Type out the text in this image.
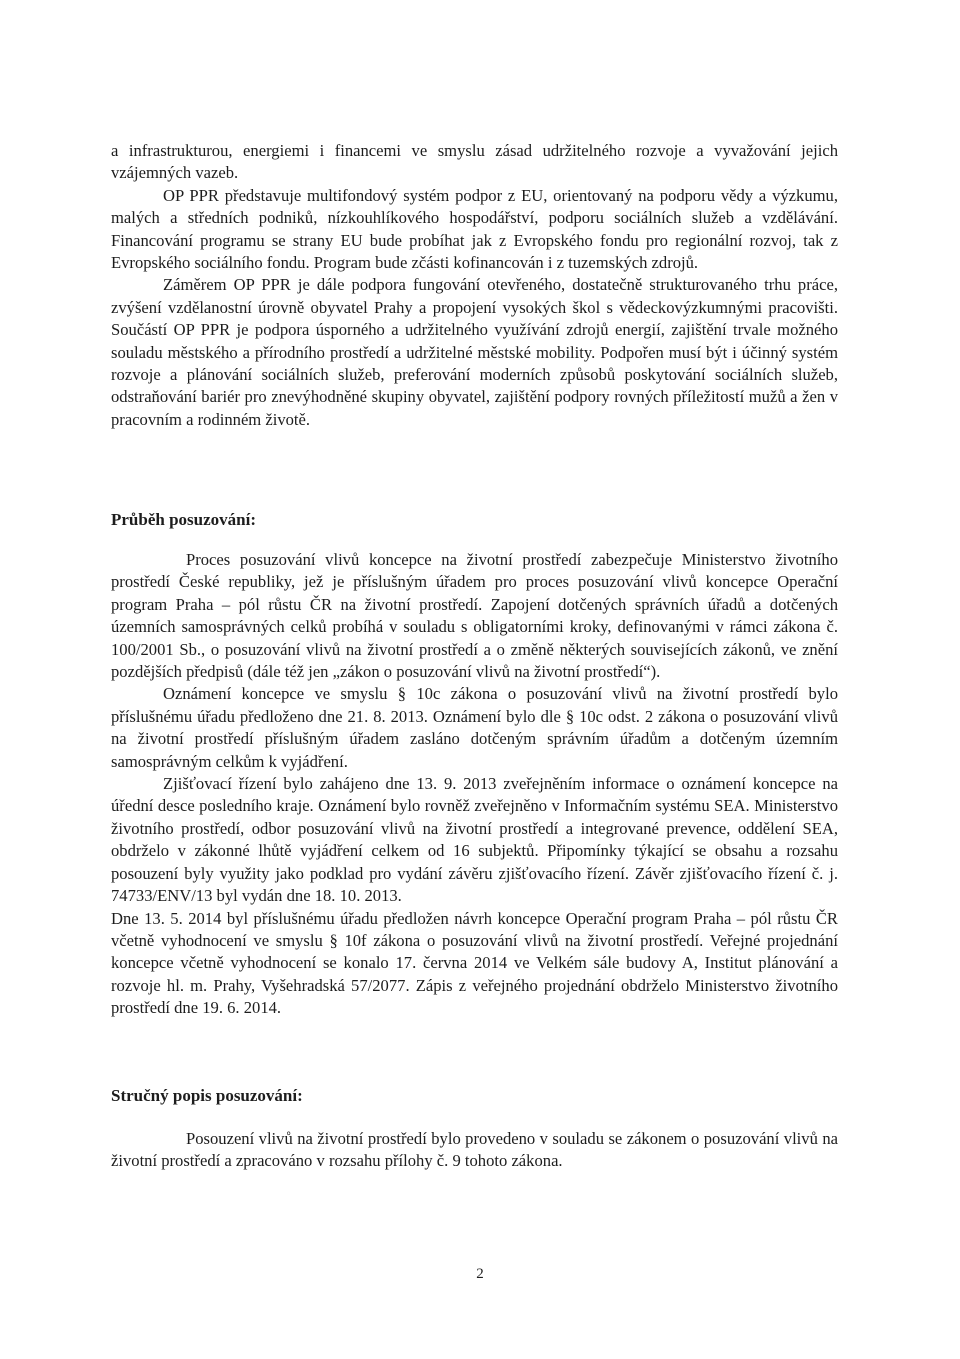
a infrastrukturou, energiemi i financemi ve smyslu zásad udržitelného rozvoje a vyvažování jejich vzájemných vazeb.

OP PPR představuje multifondový systém podpor z EU, orientovaný na podporu vědy a výzkumu, malých a středních podniků, nízkouhlíkového hospodářství, podporu sociálních služeb a vzdělávání. Financování programu se strany EU bude probíhat jak z Evropského fondu pro regionální rozvoj, tak z Evropského sociálního fondu. Program bude zčásti kofinancován i z tuzemských zdrojů.

Záměrem OP PPR je dále podpora fungování otevřeného, dostatečně strukturovaného trhu práce, zvýšení vzdělanostní úrovně obyvatel Prahy a propojení vysokých škol s vědeckovýzkumnými pracovišti. Součástí OP PPR je podpora úsporného a udržitelného využívání zdrojů energií, zajištění trvale možného souladu městského a přírodního prostředí a udržitelné městské mobility. Podpořen musí být i účinný systém rozvoje a plánování sociálních služeb, preferování moderních způsobů poskytování sociálních služeb, odstraňování bariér pro znevýhodněné skupiny obyvatel, zajištění podpory rovných příležitostí mužů a žen v pracovním a rodinném životě.

Průběh posuzování:

Proces posuzování vlivů koncepce na životní prostředí zabezpečuje Ministerstvo životního prostředí České republiky, jež je příslušným úřadem pro proces posuzování vlivů koncepce Operační program Praha – pól růstu ČR na životní prostředí. Zapojení dotčených správních úřadů a dotčených územních samosprávných celků probíhá v souladu s obligatorními kroky, definovanými v rámci zákona č. 100/2001 Sb., o posuzování vlivů na životní prostředí a o změně některých souvisejících zákonů, ve znění pozdějších předpisů (dále též jen „zákon o posuzování vlivů na životní prostředí“).

Oznámení koncepce ve smyslu § 10c zákona o posuzování vlivů na životní prostředí bylo příslušnému úřadu předloženo dne 21. 8. 2013. Oznámení bylo dle § 10c odst. 2 zákona o posuzování vlivů na životní prostředí příslušným úřadem zasláno dotčeným správním úřadům a dotčeným územním samosprávným celkům k vyjádření.

Zjišťovací řízení bylo zahájeno dne 13. 9. 2013 zveřejněním informace o oznámení koncepce na úřední desce posledního kraje. Oznámení bylo rovněž zveřejněno v Informačním systému SEA. Ministerstvo životního prostředí, odbor posuzování vlivů na životní prostředí a integrované prevence, oddělení SEA, obdrželo v zákonné lhůtě vyjádření celkem od 16 subjektů. Připomínky týkající se obsahu a rozsahu posouzení byly využity jako podklad pro vydání závěru zjišťovacího řízení. Závěr zjišťovacího řízení č. j. 74733/ENV/13 byl vydán dne 18. 10. 2013.

Dne 13. 5. 2014 byl příslušnému úřadu předložen návrh koncepce Operační program Praha – pól růstu ČR včetně vyhodnocení ve smyslu § 10f zákona o posuzování vlivů na životní prostředí. Veřejné projednání koncepce včetně vyhodnocení se konalo 17. června 2014 ve Velkém sále budovy A, Institut plánování a rozvoje hl. m. Prahy, Vyšehradská 57/2077. Zápis z veřejného projednání obdrželo Ministerstvo životního prostředí dne 19. 6. 2014.

Stručný popis posuzování:

Posouzení vlivů na životní prostředí bylo provedeno v souladu se zákonem o posuzování vlivů na životní prostředí a zpracováno v rozsahu přílohy č. 9 tohoto zákona.

2
